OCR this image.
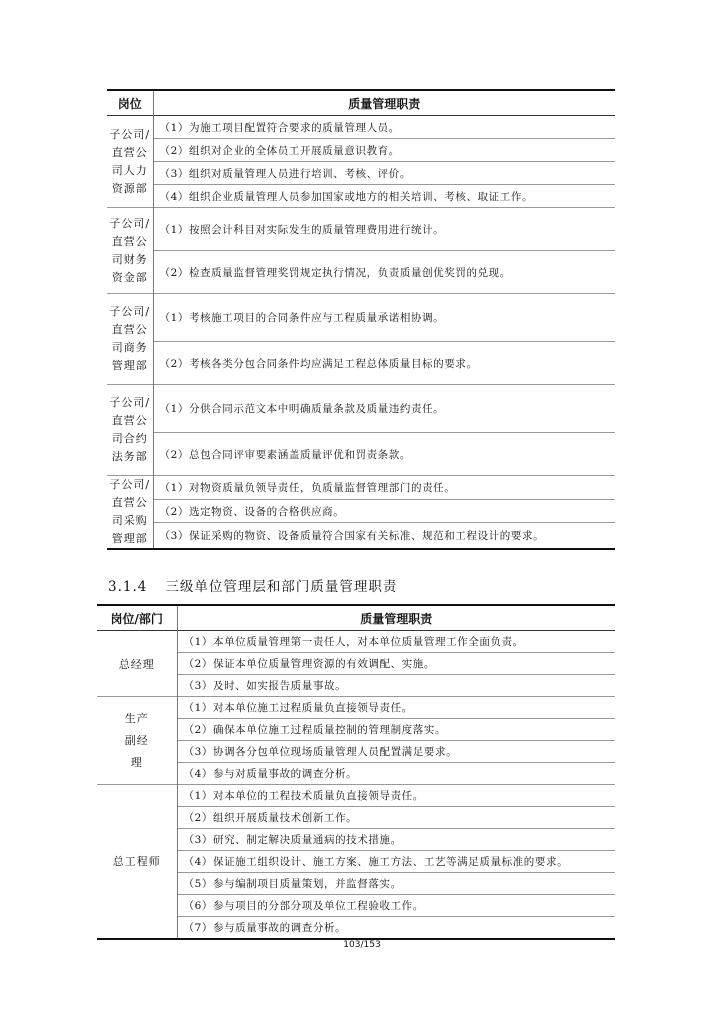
岗位	质量管理职责
子公司/直营公司人力资源部	（1）为施工项目配置符合要求的质量管理人员。
	（2）组织对企业的全体员工开展质量意识教育。
	（3）组织对质量管理人员进行培训、考核、评价。
	（4）组织企业质量管理人员参加国家或地方的相关培训、考核、取证工作。
子公司/直营公司财务资金部	（1）按照会计科目对实际发生的质量管理费用进行统计。
	（2）检查质量监督管理奖罚规定执行情况，负责质量创优奖罚的兑现。
子公司/直营公司商务管理部	（1）考核施工项目的合同条件应与工程质量承诺相协调。
	（2）考核各类分包合同条件均应满足工程总体质量目标的要求。
子公司/直营公司合约法务部	（1）分供合同示范文本中明确质量条款及质量违约责任。
	（2）总包合同评审要素涵盖质量评优和罚责条款。
子公司/直营公司采购管理部	（1）对物资质量负领导责任，负质量监督管理部门的责任。
	（2）选定物资、设备的合格供应商。
	（3）保证采购的物资、设备质量符合国家有关标准、规范和工程设计的要求。
3.1.4 三级单位管理层和部门质量管理职责
岗位/部门	质量管理职责
总经理	（1）本单位质量管理第一责任人，对本单位质量管理工作全面负责。
	（2）保证本单位质量管理资源的有效调配、实施。
	（3）及时、如实报告质量事故。
生产副经理	（1）对本单位施工过程质量负直接领导责任。
	（2）确保本单位施工过程质量控制的管理制度落实。
	（3）协调各分包单位现场质量管理人员配置满足要求。
	（4）参与对质量事故的调查分析。
总工程师	（1）对本单位的工程技术质量负直接领导责任。
	（2）组织开展质量技术创新工作。
	（3）研究、制定解决质量通病的技术措施。
	（4）保证施工组织设计、施工方案、施工方法、工艺等满足质量标准的要求。
	（5）参与编制项目质量策划，并监督落实。
	（6）参与项目的分部分项及单位工程验收工作。
	（7）参与质量事故的调查分析。
103/153
